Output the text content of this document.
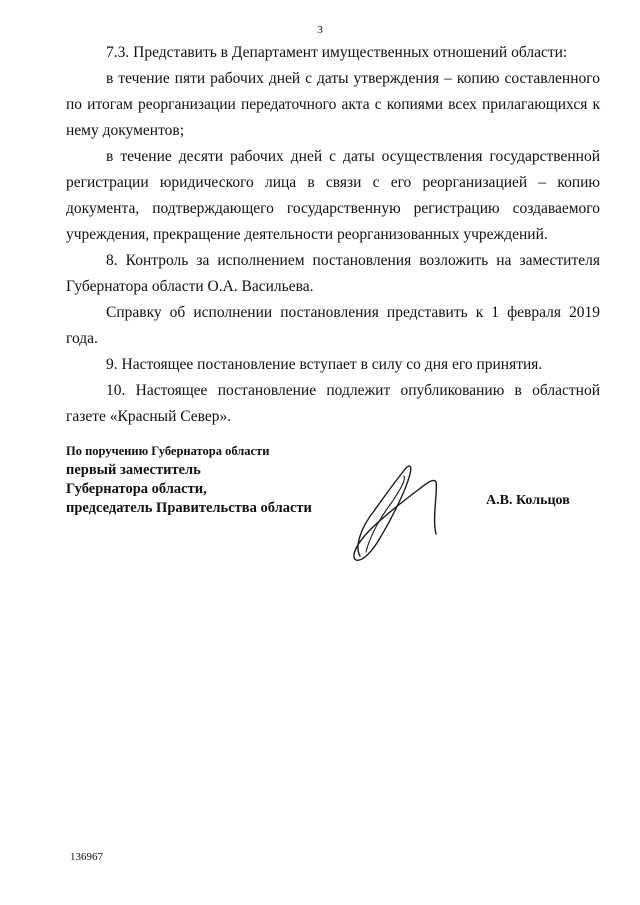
3

7.3. Представить в Департамент имущественных отношений области:

в течение пяти рабочих дней с даты утверждения – копию составленного по итогам реорганизации передаточного акта с копиями всех прилагающихся к нему документов;

в течение десяти рабочих дней с даты осуществления государственной регистрации юридического лица в связи с его реорганизацией – копию документа, подтверждающего государственную регистрацию создаваемого учреждения, прекращение деятельности реорганизованных учреждений.

8. Контроль за исполнением постановления возложить на заместителя Губернатора области О.А. Васильева.

Справку об исполнении постановления представить к 1 февраля 2019 года.

9. Настоящее постановление вступает в силу со дня его принятия.

10. Настоящее постановление подлежит опубликованию в областной газете «Красный Север».

По поручению Губернатора области
первый заместитель
Губернатора области,
председатель Правительства области	А.В. Кольцов
136967
